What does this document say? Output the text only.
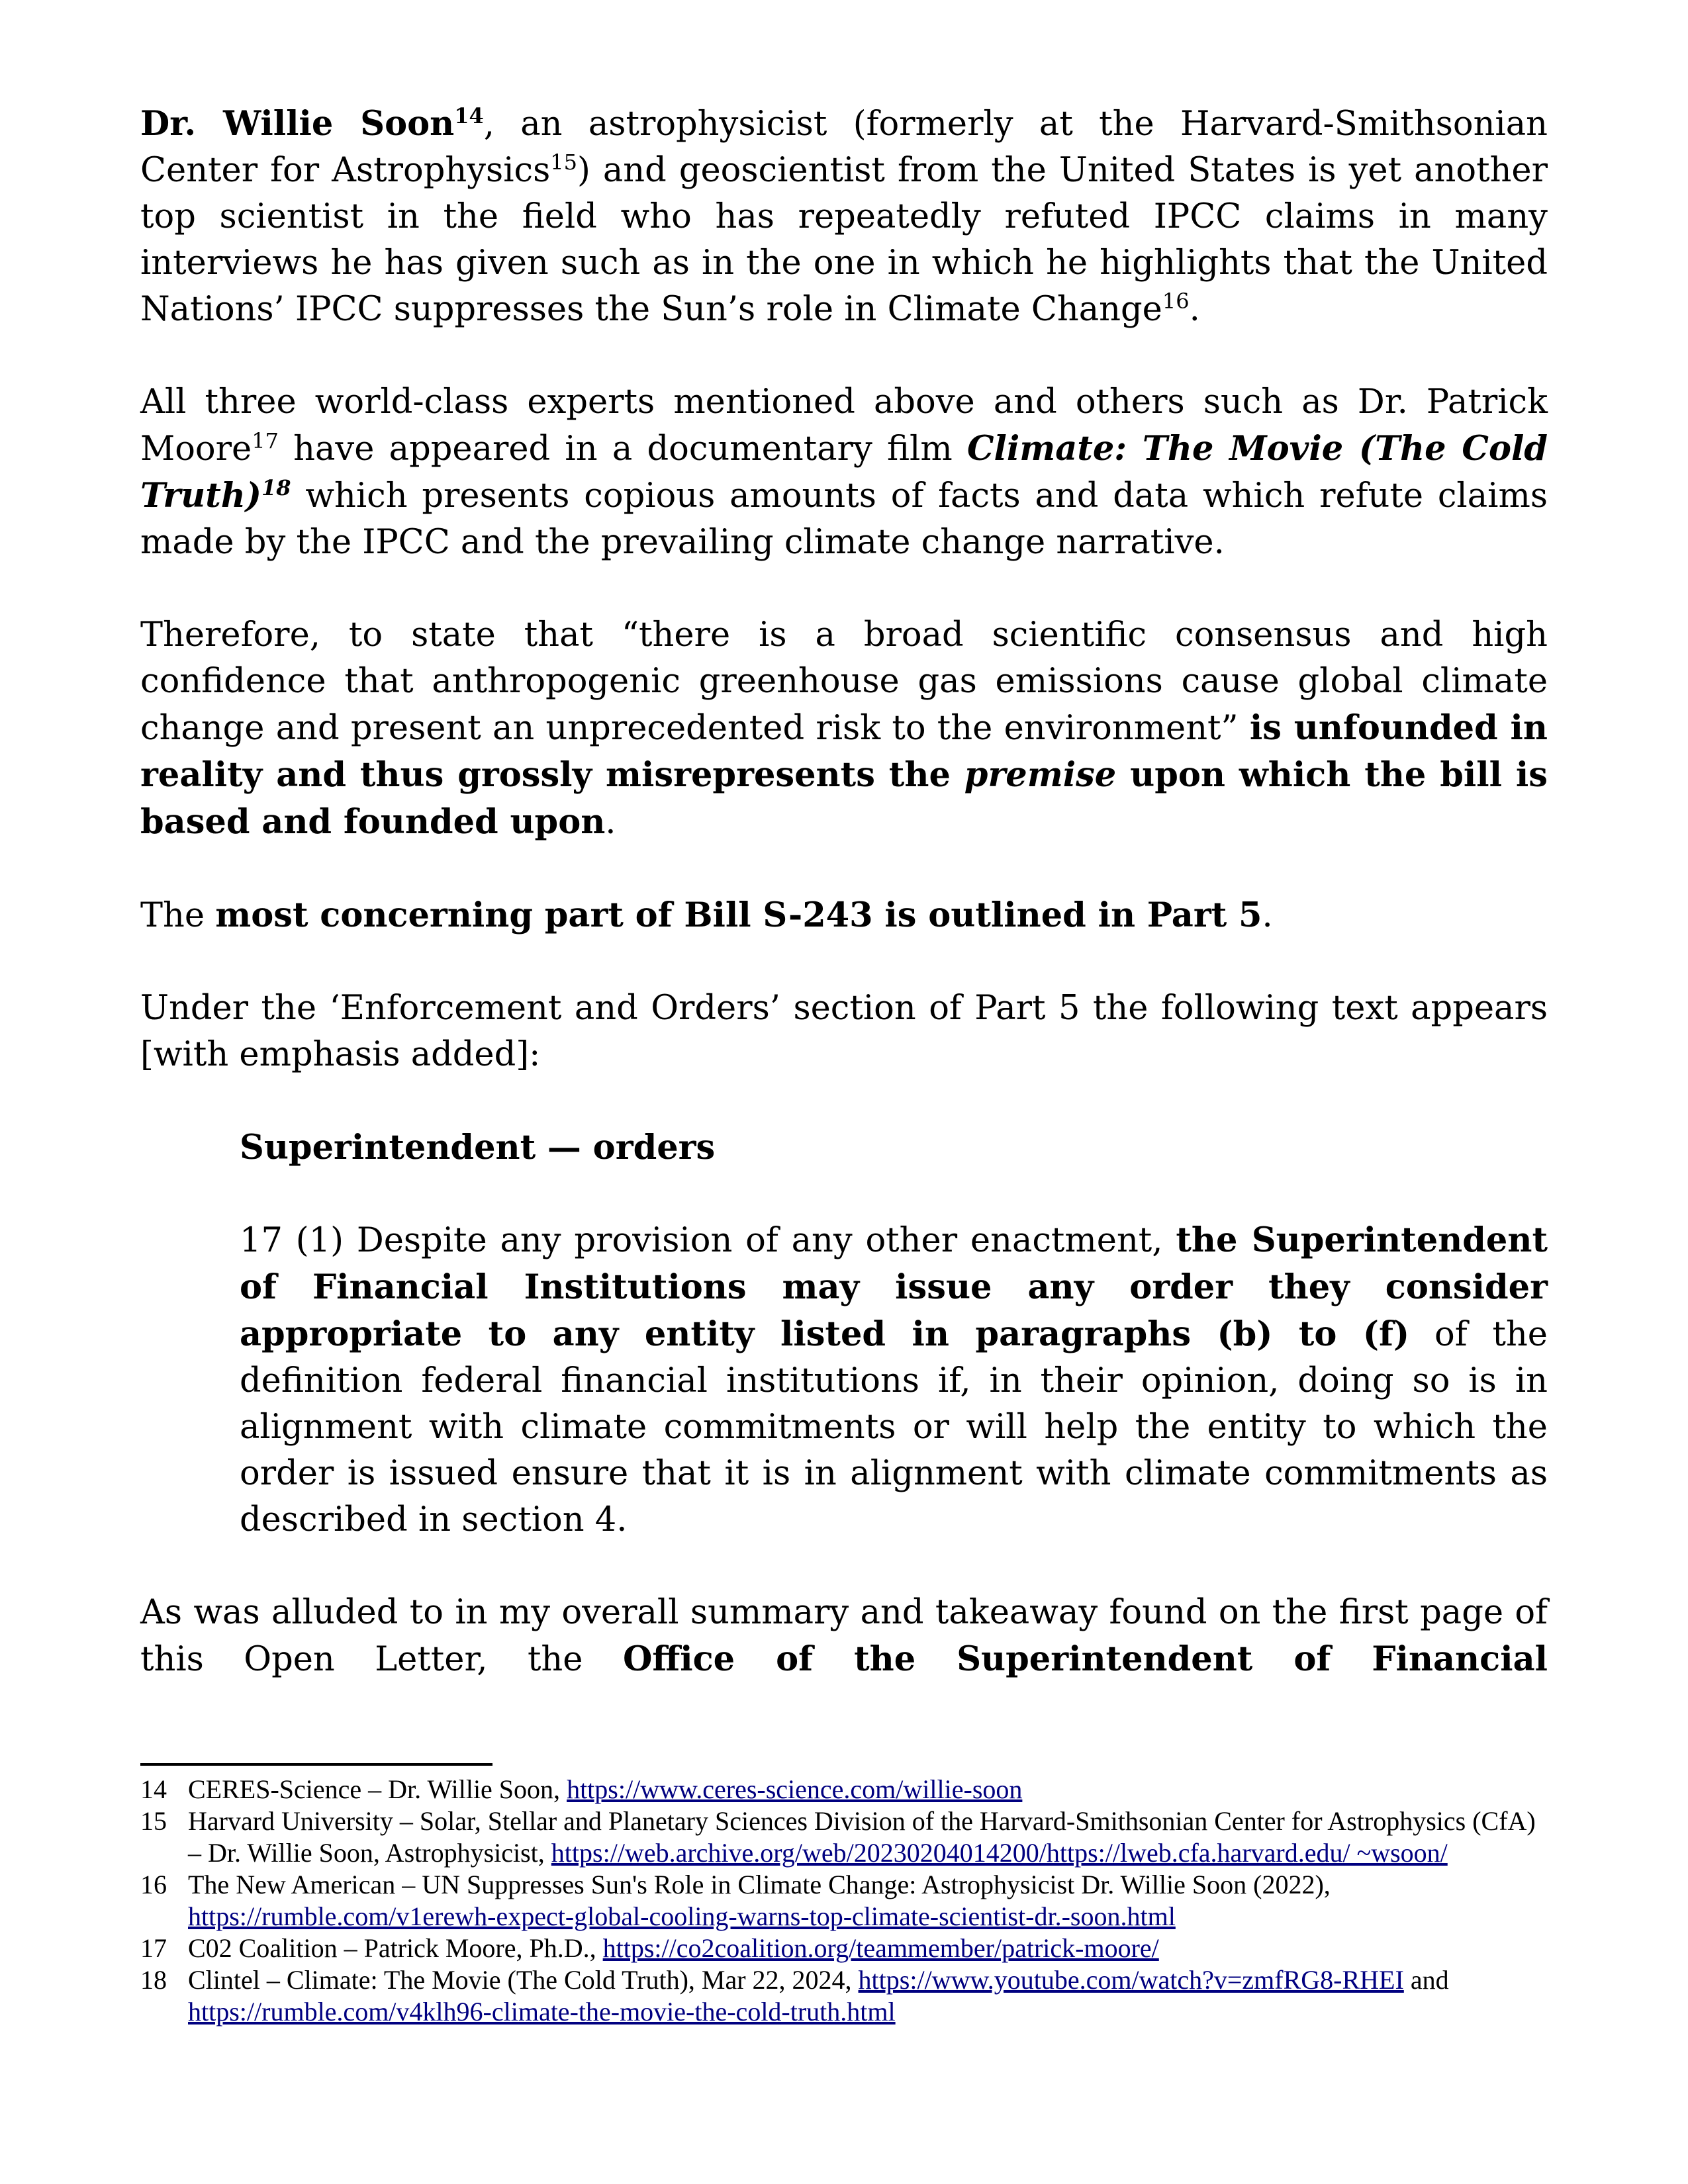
Dr. Willie Soon$^{14}$, an astrophysicist (formerly at the Harvard-Smithsonian Center for Astrophysics$^{15}$) and geoscientist from the United States is yet another top scientist in the field who has repeatedly refuted IPCC claims in many interviews he has given such as in the one in which he highlights that the United Nations’ IPCC suppresses the Sun’s role in Climate Change$^{16}$.

All three world-class experts mentioned above and others such as Dr. Patrick Moore$^{17}$ have appeared in a documentary film Climate: The Movie (The Cold Truth)$^{18}$ which presents copious amounts of facts and data which refute claims made by the IPCC and the prevailing climate change narrative.

Therefore, to state that “there is a broad scientific consensus and high confidence that anthropogenic greenhouse gas emissions cause global climate change and present an unprecedented risk to the environment” is unfounded in reality and thus grossly misrepresents the premise upon which the bill is based and founded upon.

The most concerning part of Bill S-243 is outlined in Part 5.

Under the ‘Enforcement and Orders’ section of Part 5 the following text appears [with emphasis added]:

Superintendent — orders

17 (1) Despite any provision of any other enactment, the Superintendent of Financial Institutions may issue any order they consider appropriate to any entity listed in paragraphs (b) to (f) of the definition federal financial institutions if, in their opinion, doing so is in alignment with climate commitments or will help the entity to which the order is issued ensure that it is in alignment with climate commitments as described in section 4.

As was alluded to in my overall summary and takeaway found on the first page of this Open Letter, the Office of the Superintendent of Financial

14 CERES-Science – Dr. Willie Soon, https://www.ceres-science.com/willie-soon
15 Harvard University – Solar, Stellar and Planetary Sciences Division of the Harvard-Smithsonian Center for Astrophysics (CfA) – Dr. Willie Soon, Astrophysicist, https://web.archive.org/web/20230204014200/https://lweb.cfa.harvard.edu/ ~wsoon/
16 The New American – UN Suppresses Sun's Role in Climate Change: Astrophysicist Dr. Willie Soon (2022), https://rumble.com/v1erewh-expect-global-cooling-warns-top-climate-scientist-dr.-soon.html
17 C02 Coalition – Patrick Moore, Ph.D., https://co2coalition.org/teammember/patrick-moore/
18 Clintel – Climate: The Movie (The Cold Truth), Mar 22, 2024, https://www.youtube.com/watch?v=zmfRG8-RHEI and https://rumble.com/v4klh96-climate-the-movie-the-cold-truth.html
